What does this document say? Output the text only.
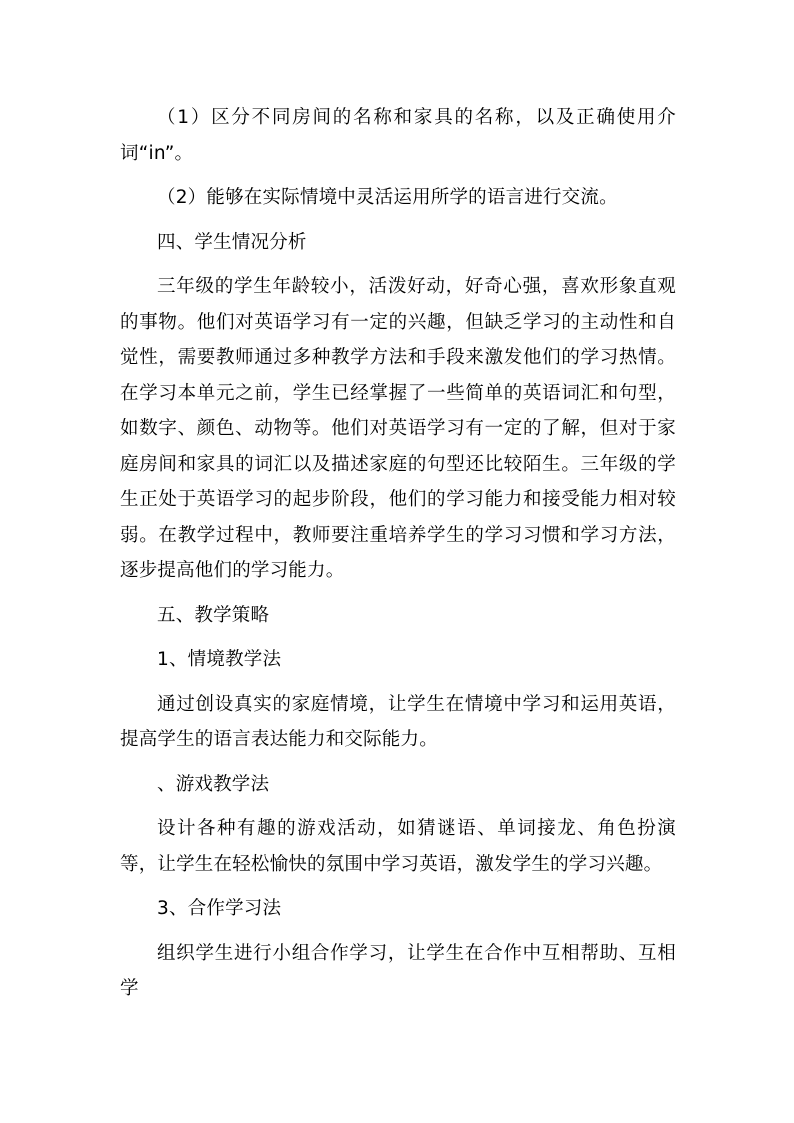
（1）区分不同房间的名称和家具的名称，以及正确使用介词“in”。

（2）能够在实际情境中灵活运用所学的语言进行交流。

四、学生情况分析

三年级的学生年龄较小，活泼好动，好奇心强，喜欢形象直观的事物。他们对英语学习有一定的兴趣，但缺乏学习的主动性和自觉性，需要教师通过多种教学方法和手段来激发他们的学习热情。在学习本单元之前，学生已经掌握了一些简单的英语词汇和句型，如数字、颜色、动物等。他们对英语学习有一定的了解，但对于家庭房间和家具的词汇以及描述家庭的句型还比较陌生。三年级的学生正处于英语学习的起步阶段，他们的学习能力和接受能力相对较弱。在教学过程中，教师要注重培养学生的学习习惯和学习方法，逐步提高他们的学习能力。

五、教学策略

1、情境教学法

通过创设真实的家庭情境，让学生在情境中学习和运用英语，提高学生的语言表达能力和交际能力。

、游戏教学法

设计各种有趣的游戏活动，如猜谜语、单词接龙、角色扮演等，让学生在轻松愉快的氛围中学习英语，激发学生的学习兴趣。

3、合作学习法

组织学生进行小组合作学习，让学生在合作中互相帮助、互相学
